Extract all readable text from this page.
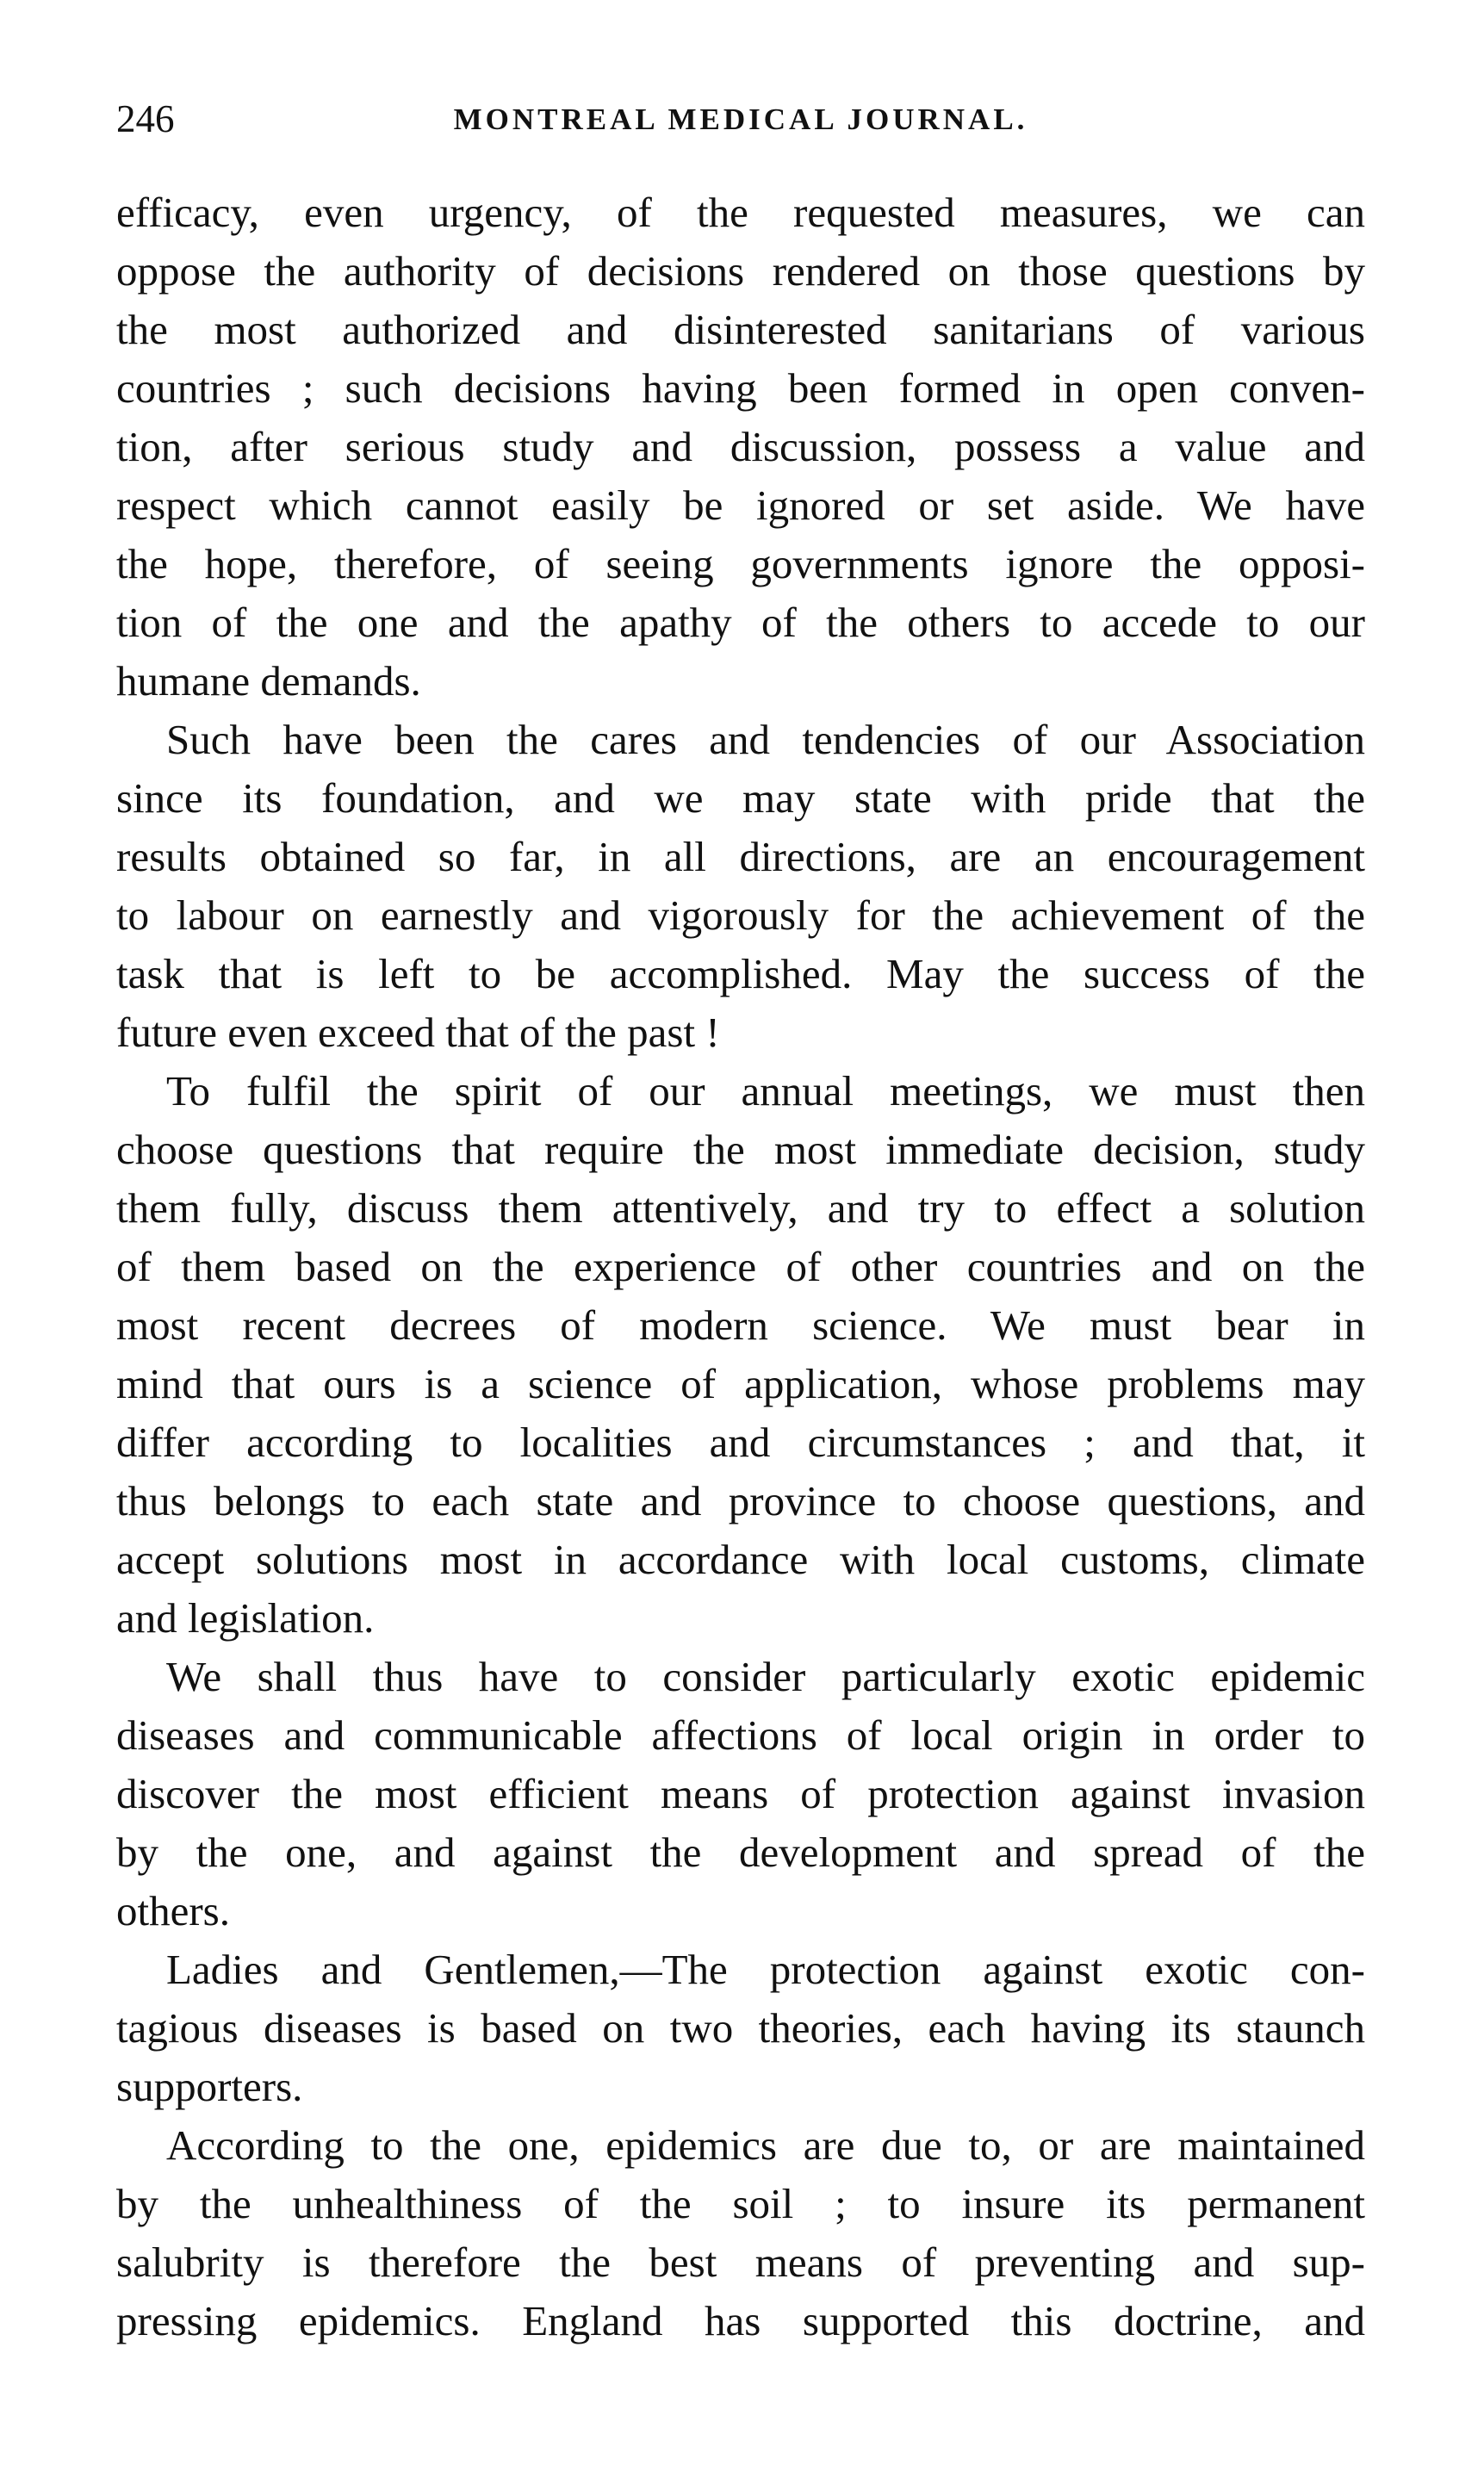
246	MONTREAL MEDICAL JOURNAL.
efficacy, even urgency, of the requested measures, we can
oppose the authority of decisions rendered on those questions by
the most authorized and disinterested sanitarians of various
countries ; such decisions having been formed in open conven-
tion, after serious study and discussion, possess a value and
respect which cannot easily be ignored or set aside. We have
the hope, therefore, of seeing governments ignore the opposi-
tion of the one and the apathy of the others to accede to our
humane demands.
Such have been the cares and tendencies of our Association
since its foundation, and we may state with pride that the
results obtained so far, in all directions, are an encouragement
to labour on earnestly and vigorously for the achievement of the
task that is left to be accomplished. May the success of the
future even exceed that of the past !
To fulfil the spirit of our annual meetings, we must then
choose questions that require the most immediate decision, study
them fully, discuss them attentively, and try to effect a solution
of them based on the experience of other countries and on the
most recent decrees of modern science. We must bear in
mind that ours is a science of application, whose problems may
differ according to localities and circumstances ; and that, it
thus belongs to each state and province to choose questions, and
accept solutions most in accordance with local customs, climate
and legislation.
We shall thus have to consider particularly exotic epidemic
diseases and communicable affections of local origin in order to
discover the most efficient means of protection against invasion
by the one, and against the development and spread of the
others.
Ladies and Gentlemen,—The protection against exotic con-
tagious diseases is based on two theories, each having its staunch
supporters.
According to the one, epidemics are due to, or are maintained
by the unhealthiness of the soil ; to insure its permanent
salubrity is therefore the best means of preventing and sup-
pressing epidemics. England has supported this doctrine, and
